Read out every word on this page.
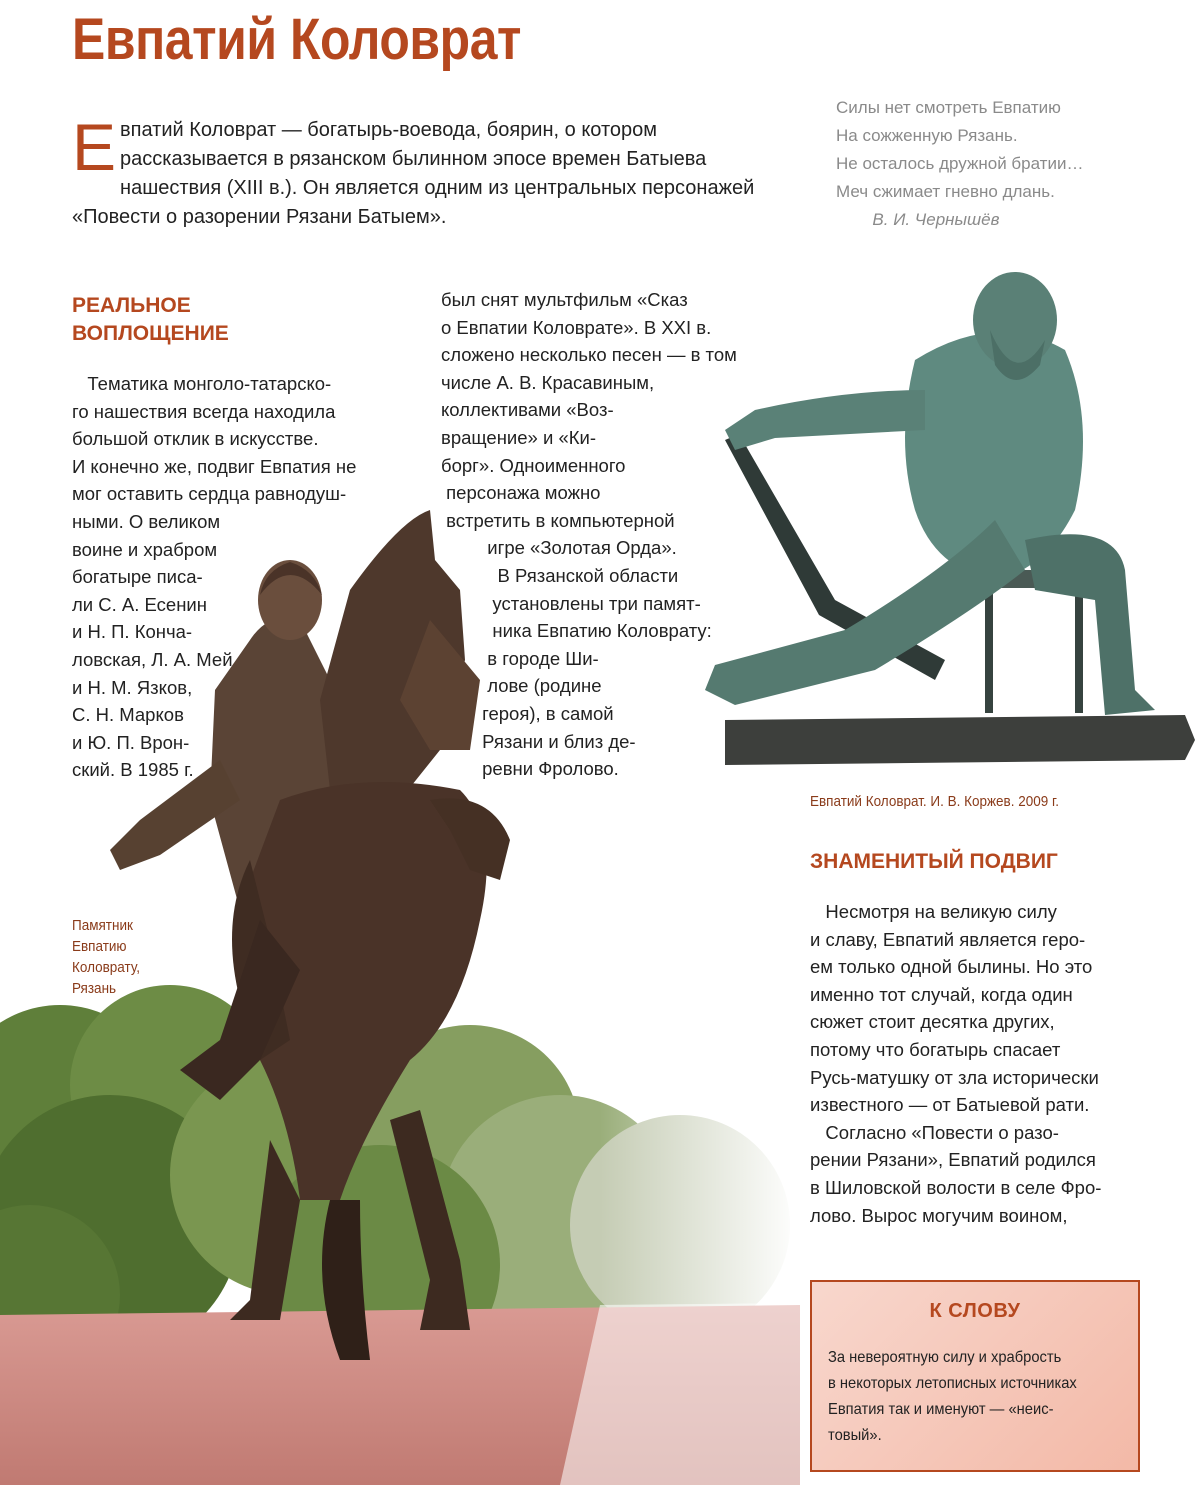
Евпатий Коловрат
Евпатий Коловрат — богатырь-воевода, боярин, о котором рассказывается в рязанском былинном эпосе времен Батыева нашествия (XIII в.). Он является одним из центральных персонажей «Повести о разорении Рязани Батыем».
Силы нет смотреть Евпатию
На сожженную Рязань.
Не осталось дружной братии…
Меч сжимает гневно длань.
В. И. Чернышёв
РЕАЛЬНОЕ
ВОПЛОЩЕНИЕ
Тематика монголо-татарско-
го нашествия всегда находила
большой отклик в искусстве.
И конечно же, подвиг Евпатия не
мог оставить сердца равнодуш-
ными. О великом
воине и храбром
богатыре писа-
ли С. А. Есенин
и Н. П. Конча-
ловская, Л. А. Мей
и Н. М. Язков,
С. Н. Марков
и Ю. П. Врон-
ский. В 1985 г.
был снят мультфильм «Сказ
о Евпатии Коловрате». В XXI в.
сложено несколько песен — в том
числе А. В. Красавиным,
коллективами «Воз-
вращение» и «Ки-
борг». Одноименного
персонажа можно
встретить в компьютерной
игре «Золотая Орда».
В Рязанской области
установлены три памят-
ника Евпатию Коловрату:
в городе Ши-
лове (родине
героя), в самой
Рязани и близ де-
ревни Фролово.
Евпатий Коловрат. И. В. Коржев. 2009 г.
Памятник
Евпатию
Коловрату,
Рязань
ЗНАМЕНИТЫЙ ПОДВИГ
Несмотря на великую силу
и славу, Евпатий является геро-
ем только одной былины. Но это
именно тот случай, когда один
сюжет стоит десятка других,
потому что богатырь спасает
Русь-матушку от зла исторически
известного — от Батыевой рати.
Согласно «Повести о разо-
рении Рязани», Евпатий родился
в Шиловской волости в селе Фро-
лово. Вырос могучим воином,
К СЛОВУ
За невероятную силу и храбрость
в некоторых летописных источниках
Евпатия так и именуют — «неис-
товый».
